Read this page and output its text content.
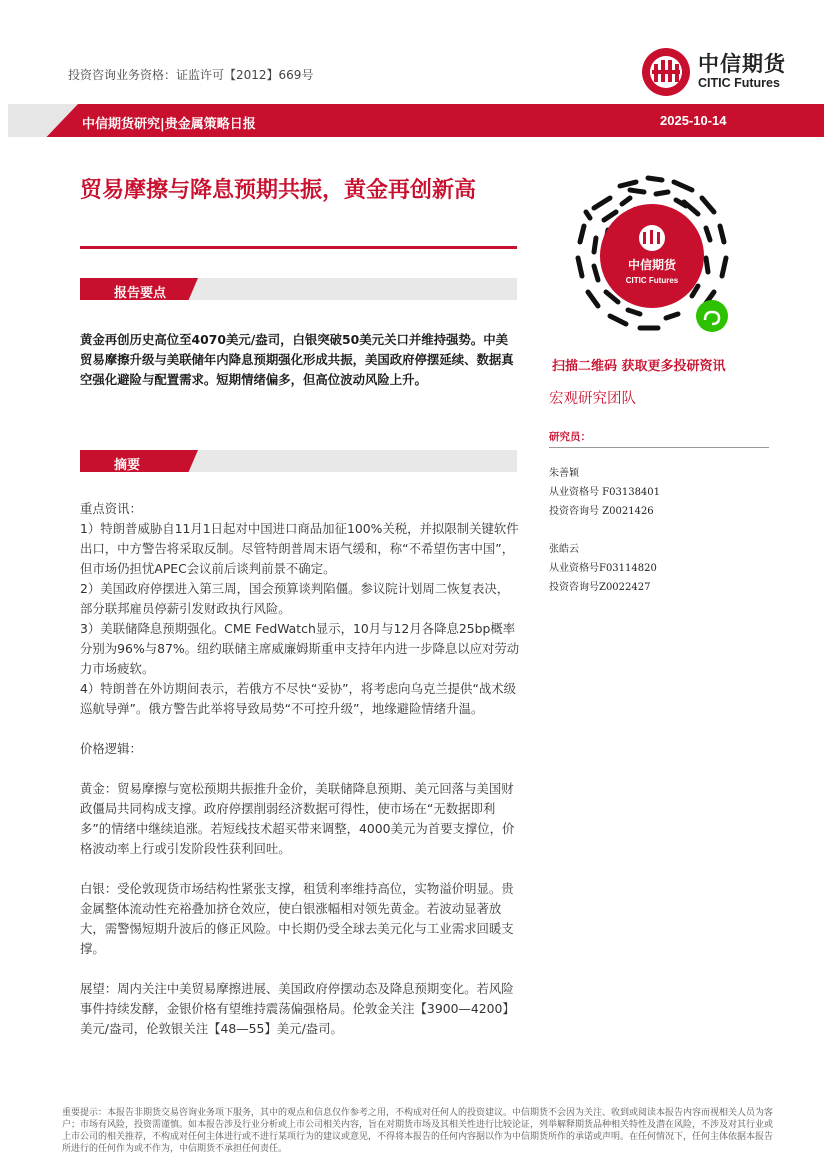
投资咨询业务资格：证监许可【2012】669号	中信期货
CITIC Futures
中信期货研究|贵金属策略日报	2025-10-14
贸易摩擦与降息预期共振，黄金再创新高
报告要点
黄金再创历史高位至4070美元/盎司，白银突破50美元关口并维持强势。中美贸易摩擦升级与美联储年内降息预期强化形成共振，美国政府停摆延续、数据真空强化避险与配置需求。短期情绪偏多，但高位波动风险上升。
摘要

重点资讯：

1）特朗普威胁自11月1日起对中国进口商品加征100%关税，并拟限制关键软件出口，中方警告将采取反制。尽管特朗普周末语气缓和，称“不希望伤害中国”，但市场仍担忧APEC会议前后谈判前景不确定。

2）美国政府停摆进入第三周，国会预算谈判陷僵。参议院计划周二恢复表决，部分联邦雇员停薪引发财政执行风险。

3）美联储降息预期强化。CME FedWatch显示，10月与12月各降息25bp概率分别为96%与87%。纽约联储主席威廉姆斯重申支持年内进一步降息以应对劳动力市场疲软。

4）特朗普在外访期间表示，若俄方不尽快“妥协”，将考虑向乌克兰提供“战术级巡航导弹”。俄方警告此举将导致局势“不可控升级”，地缘避险情绪升温。

价格逻辑：

黄金：贸易摩擦与宽松预期共振推升金价，美联储降息预期、美元回落与美国财政僵局共同构成支撑。政府停摆削弱经济数据可得性，使市场在“无数据即利多”的情绪中继续追涨。若短线技术超买带来调整，4000美元为首要支撑位，价格波动率上行或引发阶段性获利回吐。

白银：受伦敦现货市场结构性紧张支撑，租赁利率维持高位，实物溢价明显。贵金属整体流动性充裕叠加挤仓效应，使白银涨幅相对领先黄金。若波动显著放大，需警惕短期升波后的修正风险。中长期仍受全球去美元化与工业需求回暖支撑。

展望：周内关注中美贸易摩擦进展、美国政府停摆动态及降息预期变化。若风险事件持续发酵，金银价格有望维持震荡偏强格局。伦敦金关注【3900—4200】美元/盎司，伦敦银关注【48—55】美元/盎司。

中信期货
CITIC Futures
扫描二维码 获取更多投研资讯
宏观研究团队
研究员：
朱善颖
从业资格号 F03138401
投资咨询号 Z0021426
张皓云
从业资格号F03114820
投资咨询号Z0022427
重要提示：本报告非期货交易咨询业务项下服务，其中的观点和信息仅作参考之用，不构成对任何人的投资建议。中信期货不会因为关注、收到或阅读本报告内容而视相关人员为客户；市场有风险，投资需谨慎。如本报告涉及行业分析或上市公司相关内容，旨在对期货市场及其相关性进行比较论证，列举解释期货品种相关特性及潜在风险，不涉及对其行业或上市公司的相关推荐，不构成对任何主体进行或不进行某项行为的建议或意见，不得将本报告的任何内容据以作为中信期货所作的承诺或声明。在任何情况下，任何主体依据本报告所进行的任何作为或不作为，中信期货不承担任何责任。
